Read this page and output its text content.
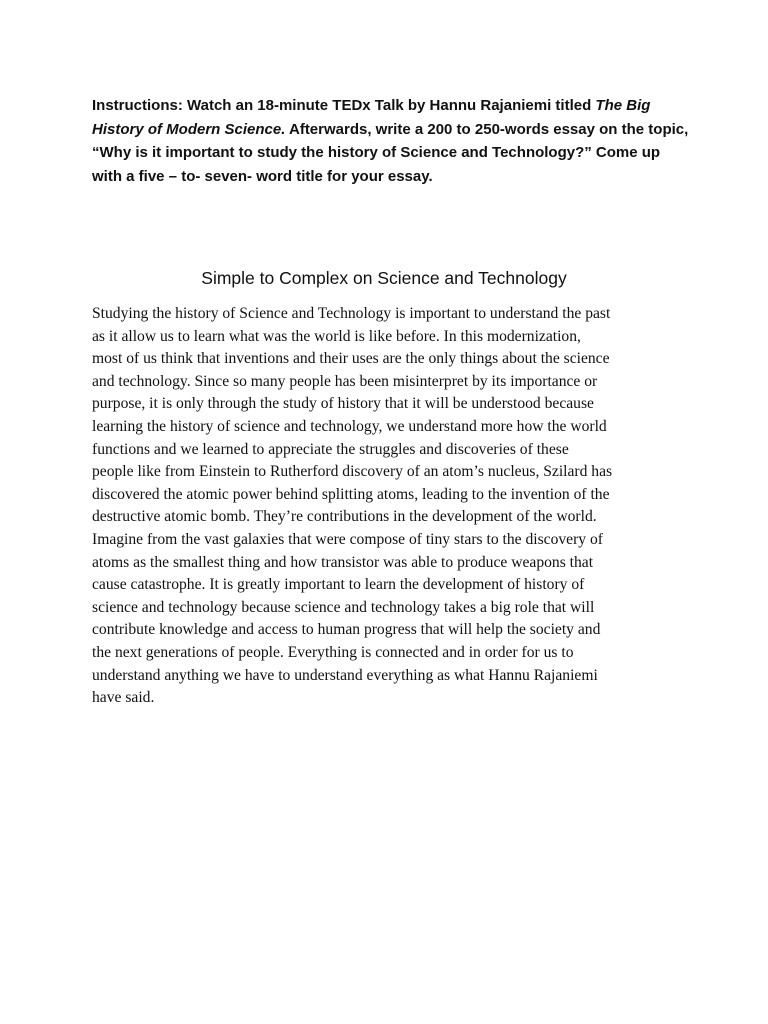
Instructions: Watch an 18-minute TEDx Talk by Hannu Rajaniemi titled The Big History of Modern Science. Afterwards, write a 200 to 250-words essay on the topic, “Why is it important to study the history of Science and Technology?” Come up with a five – to- seven- word title for your essay.

Simple to Complex on Science and Technology
Studying the history of Science and Technology is important to understand the past
as it allow us to learn what was the world is like before. In this modernization,
most of us think that inventions and their uses are the only things about the science
and technology. Since so many people has been misinterpret by its importance or
purpose, it is only through the study of history that it will be understood because
learning the history of science and technology, we understand more how the world
functions and we learned to appreciate the struggles and discoveries of these
people like from Einstein to Rutherford discovery of an atom’s nucleus, Szilard has
discovered the atomic power behind splitting atoms, leading to the invention of the
destructive atomic bomb. They’re contributions in the development of the world.
Imagine from the vast galaxies that were compose of tiny stars to the discovery of
atoms as the smallest thing and how transistor was able to produce weapons that
cause catastrophe. It is greatly important to learn the development of history of
science and technology because science and technology takes a big role that will
contribute knowledge and access to human progress that will help the society and
the next generations of people. Everything is connected and in order for us to
understand anything we have to understand everything as what Hannu Rajaniemi
have said.
